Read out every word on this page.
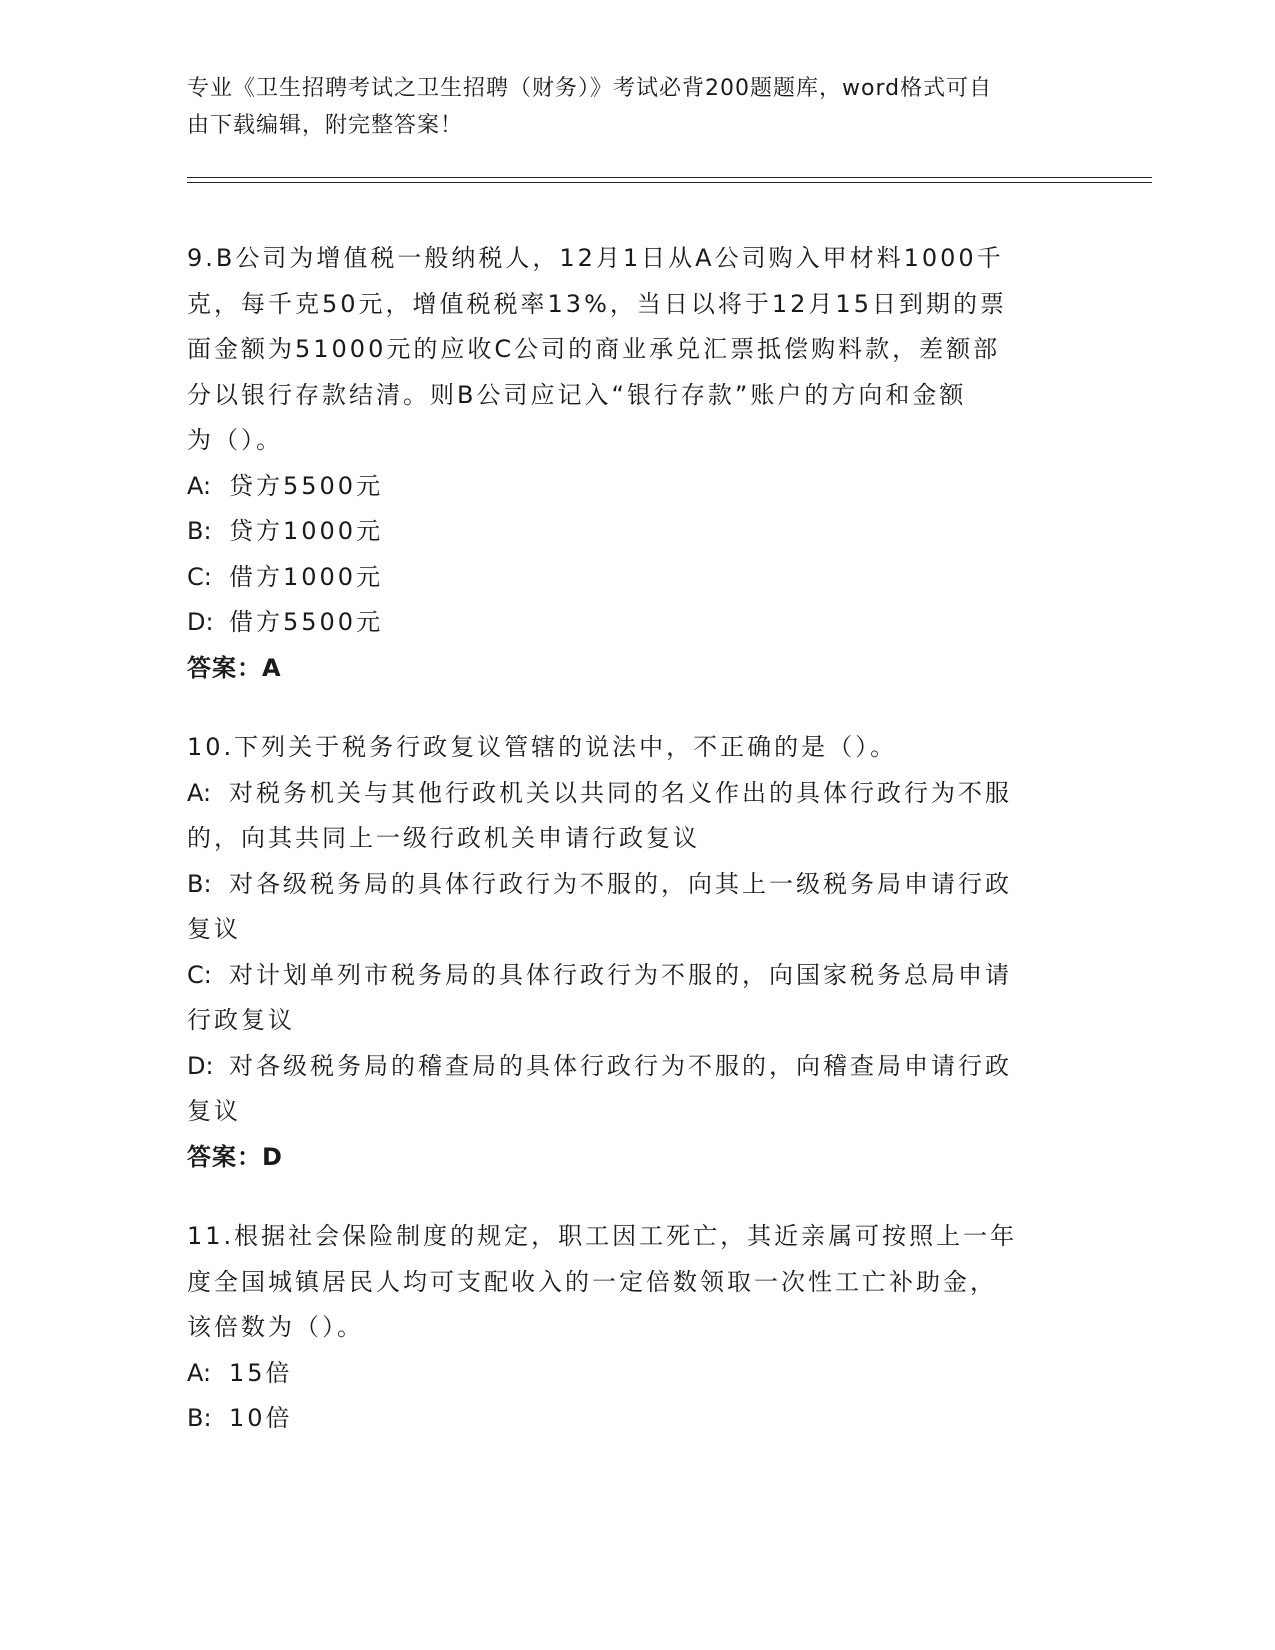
专业《卫生招聘考试之卫生招聘（财务）》考试必背200题题库，word格式可自
由下载编辑，附完整答案！
9.B公司为增值税一般纳税人，12月1日从A公司购入甲材料1000千
克，每千克50元，增值税税率13%，当日以将于12月15日到期的票
面金额为51000元的应收C公司的商业承兑汇票抵偿购料款，差额部
分以银行存款结清。则B公司应记入“银行存款”账户的方向和金额
为（）。
A: 贷方5500元
B: 贷方1000元
C: 借方1000元
D: 借方5500元
答案：A
10.下列关于税务行政复议管辖的说法中，不正确的是（）。
A: 对税务机关与其他行政机关以共同的名义作出的具体行政行为不服
的，向其共同上一级行政机关申请行政复议
B: 对各级税务局的具体行政行为不服的，向其上一级税务局申请行政
复议
C: 对计划单列市税务局的具体行政行为不服的，向国家税务总局申请
行政复议
D: 对各级税务局的稽查局的具体行政行为不服的，向稽查局申请行政
复议
答案：D
11.根据社会保险制度的规定，职工因工死亡，其近亲属可按照上一年
度全国城镇居民人均可支配收入的一定倍数领取一次性工亡补助金，
该倍数为（）。
A: 15倍
B: 10倍
